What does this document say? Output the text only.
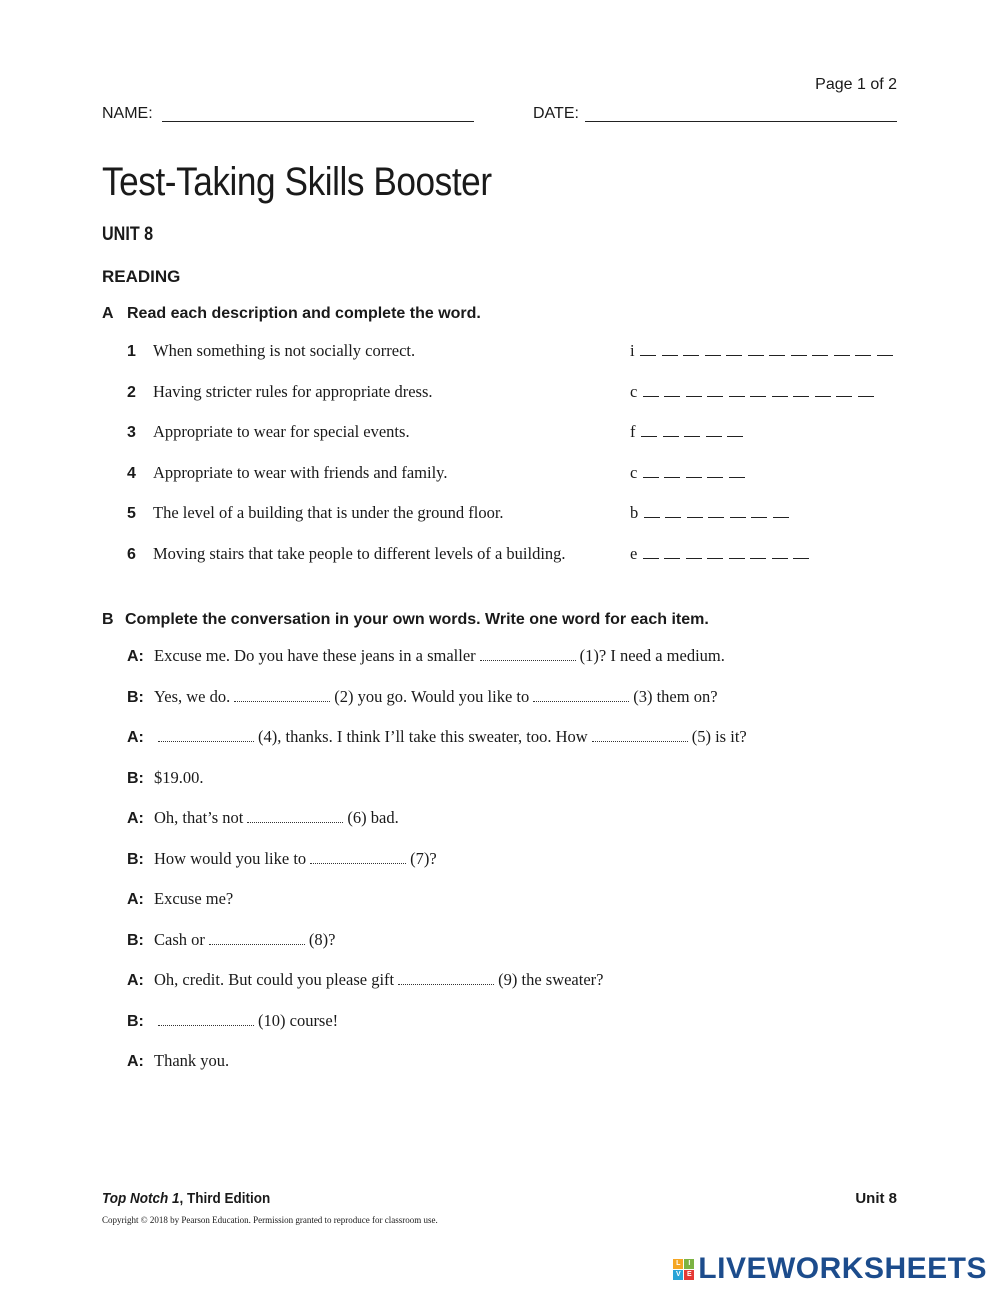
Page 1 of 2
NAME:	DATE:
Test-Taking Skills Booster
UNIT 8
READING
A Read each description and complete the word.
1 When something is not socially correct.	i
2 Having stricter rules for appropriate dress.	c
3 Appropriate to wear for special events.	f
4 Appropriate to wear with friends and family.	c
5 The level of a building that is under the ground floor.	b
6 Moving stairs that take people to different levels of a building.	e
B Complete the conversation in your own words. Write one word for each item.
A: Excuse me. Do you have these jeans in a smaller	(1)? I need a medium.
B: Yes, we do.	(2) you go. Would you like to	(3) them on?
A:	(4), thanks. I think I’ll take this sweater, too. How	(5) is it?
B: $19.00.
A: Oh, that’s not	(6) bad.
B: How would you like to	(7)?
A: Excuse me?
B: Cash or	(8)?
A: Oh, credit. But could you please gift	(9) the sweater?
B:	(10) course!
A: Thank you.
Top Notch 1, Third Edition	Unit 8
Copyright © 2018 by Pearson Education. Permission granted to reproduce for classroom use.
L	I
V E LIVEWORKSHEETS
